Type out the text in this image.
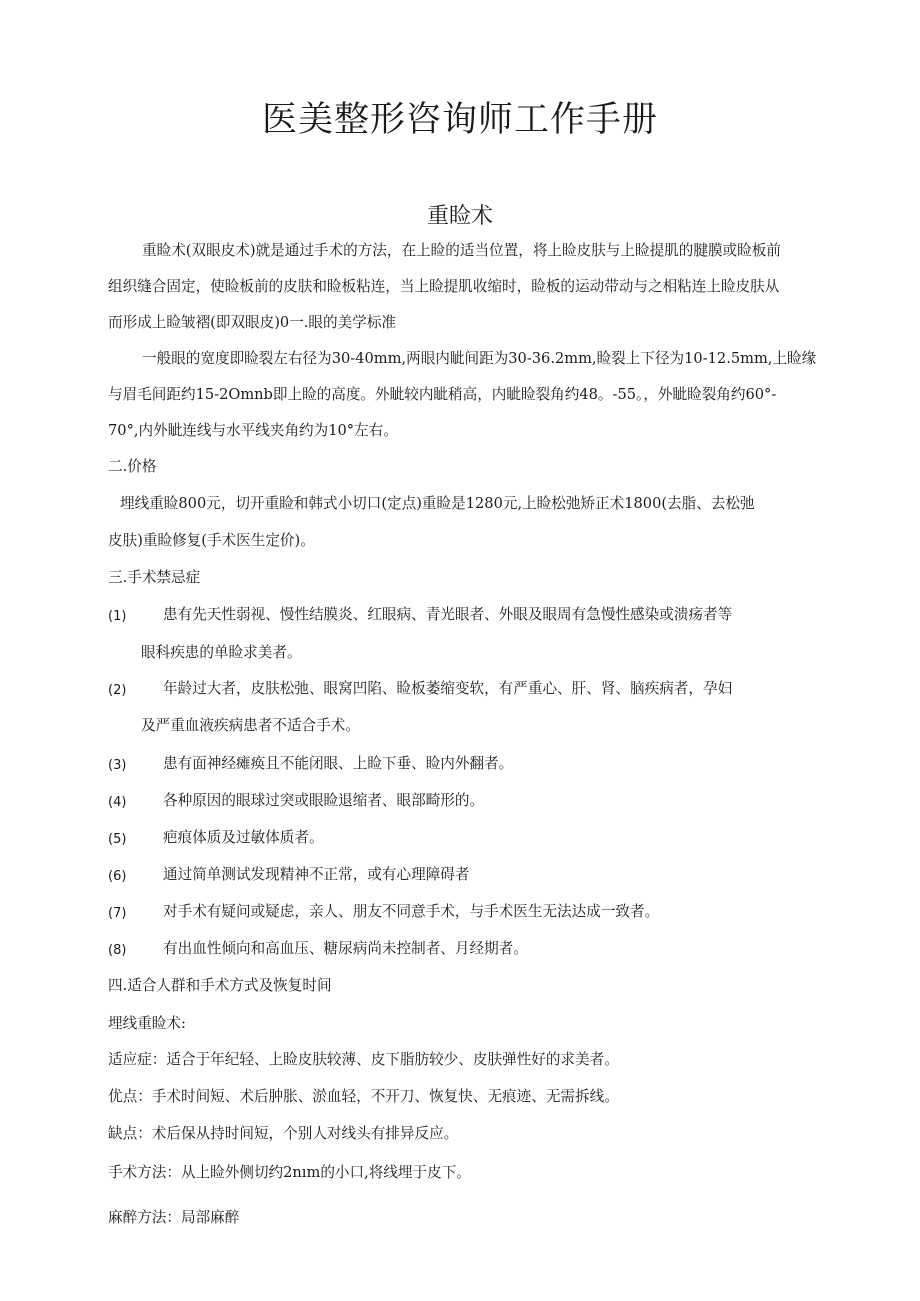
医美整形咨询师工作手册
重睑术
重睑术(双眼皮术)就是通过手术的方法，在上睑的适当位置，将上睑皮肤与上睑提肌的腱膜或睑板前
组织缝合固定，使睑板前的皮肤和睑板粘连，当上睑提肌收缩时，睑板的运动带动与之相粘连上睑皮肤从
而形成上睑皱褶(即双眼皮)0一.眼的美学标准
一般眼的宽度即睑裂左右径为30-40mm,两眼内眦间距为30-36.2mm,睑裂上下径为10-12.5mm,上睑缘
与眉毛间距约15-2Omnb即上睑的高度。外眦较内眦稍高，内眦睑裂角约48。-55。，外眦睑裂角约60°-
70°,内外眦连线与水平线夹角约为10°左右。
二.价格
埋线重睑800元，切开重睑和韩式小切口(定点)重睑是1280元,上睑松弛矫正术1800(去脂、去松弛
皮肤)重睑修复(手术医生定价)。
三.手术禁忌症
(1)	患有先天性弱视、慢性结膜炎、红眼病、青光眼者、外眼及眼周有急慢性感染或溃疡者等
眼科疾患的单睑求美者。
(2)	年龄过大者，皮肤松弛、眼窝凹陷、睑板萎缩变软，有严重心、肝、肾、脑疾病者，孕妇
及严重血液疾病患者不适合手术。
(3)	患有面神经瘫痪且不能闭眼、上睑下垂、睑内外翻者。
(4)	各种原因的眼球过突或眼睑退缩者、眼部畸形的。
(5)	疤痕体质及过敏体质者。
(6)	通过简单测试发现精神不正常，或有心理障碍者
(7)	对手术有疑问或疑虑，亲人、朋友不同意手术，与手术医生无法达成一致者。
(8)	有出血性倾向和高血压、糖尿病尚未控制者、月经期者。
四.适合人群和手术方式及恢复时间
埋线重睑术:
适应症：适合于年纪轻、上睑皮肤较薄、皮下脂肪较少、皮肤弹性好的求美者。
优点：手术时间短、术后肿胀、淤血轻，不开刀、恢复快、无痕迹、无需拆线。
缺点：术后保从持时间短，个别人对线头有排异反应。
手术方法：从上睑外侧切约2nım的小口,将线埋于皮下。
麻醉方法：局部麻醉
